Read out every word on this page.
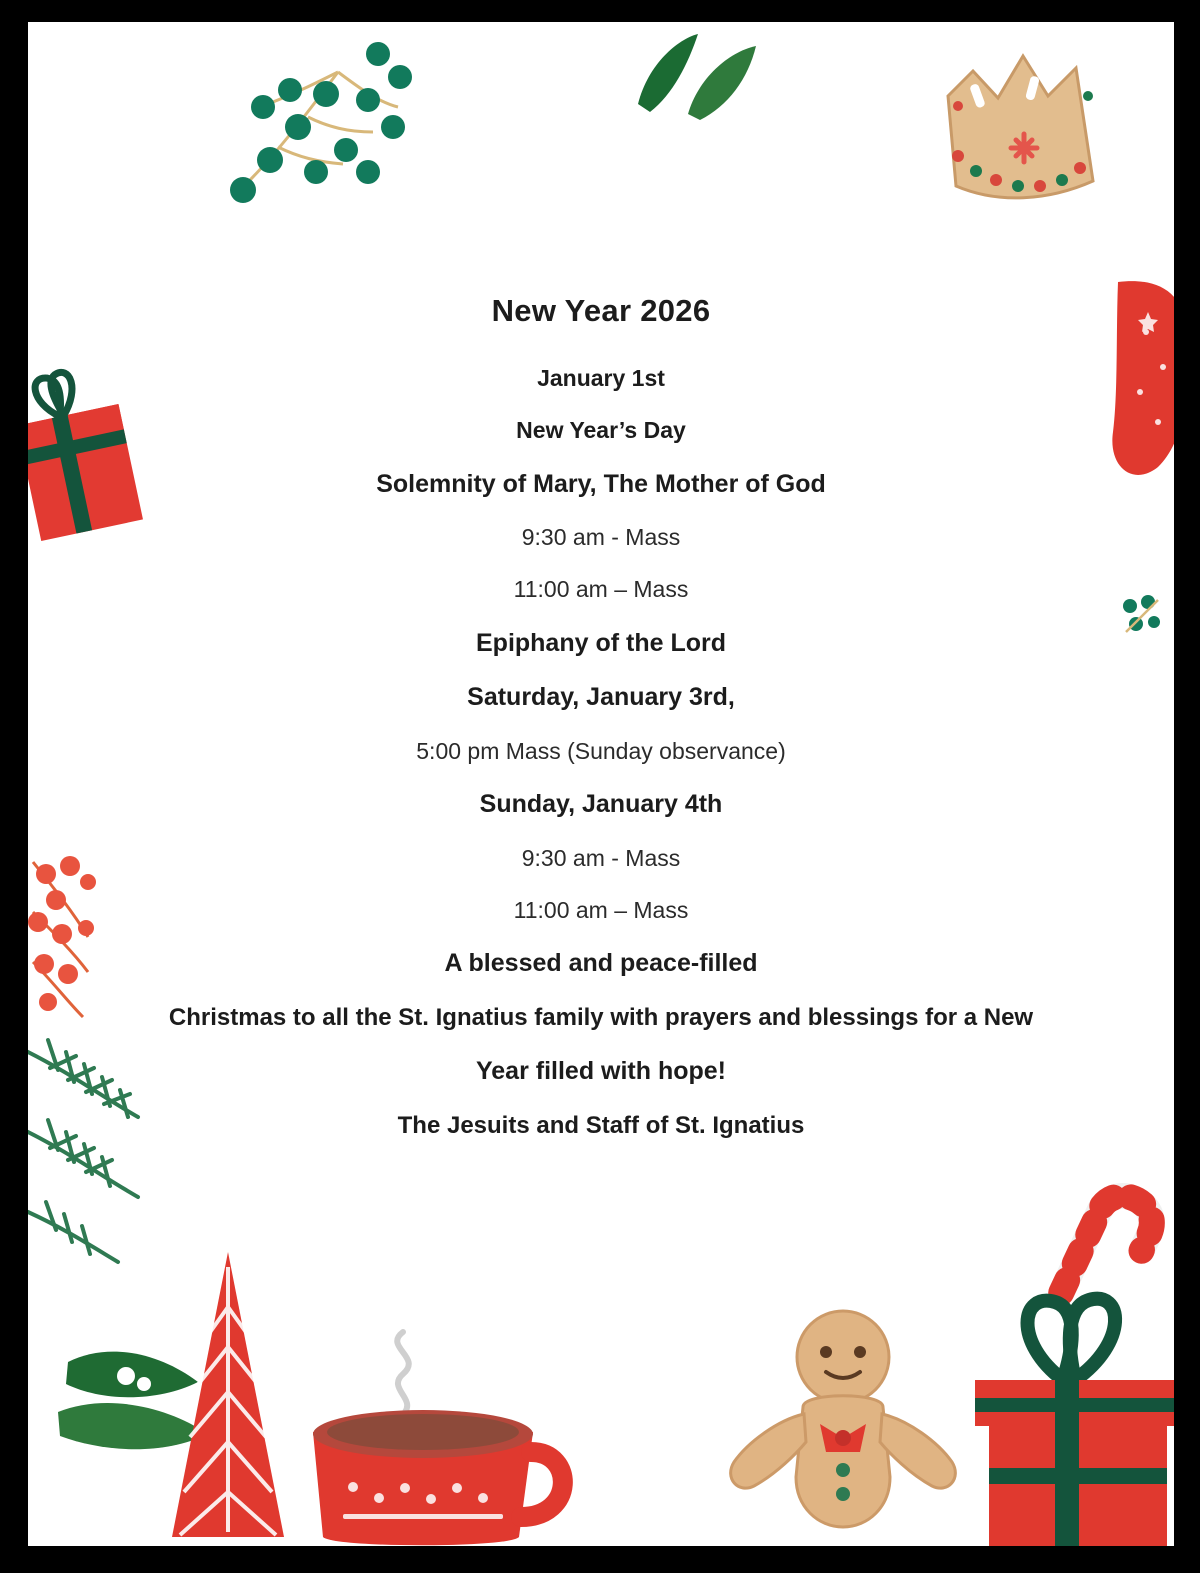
New Year 2026
January 1st
New Year’s Day
Solemnity of Mary, The Mother of God
9:30 am - Mass
11:00 am – Mass
Epiphany of the Lord
Saturday, January 3rd,
5:00 pm Mass (Sunday observance)
Sunday, January 4th
9:30 am - Mass
11:00 am – Mass
A blessed and peace-filled
Christmas to all the St. Ignatius family with prayers and blessings for a New
Year filled with hope!
The Jesuits and Staff of St. Ignatius
